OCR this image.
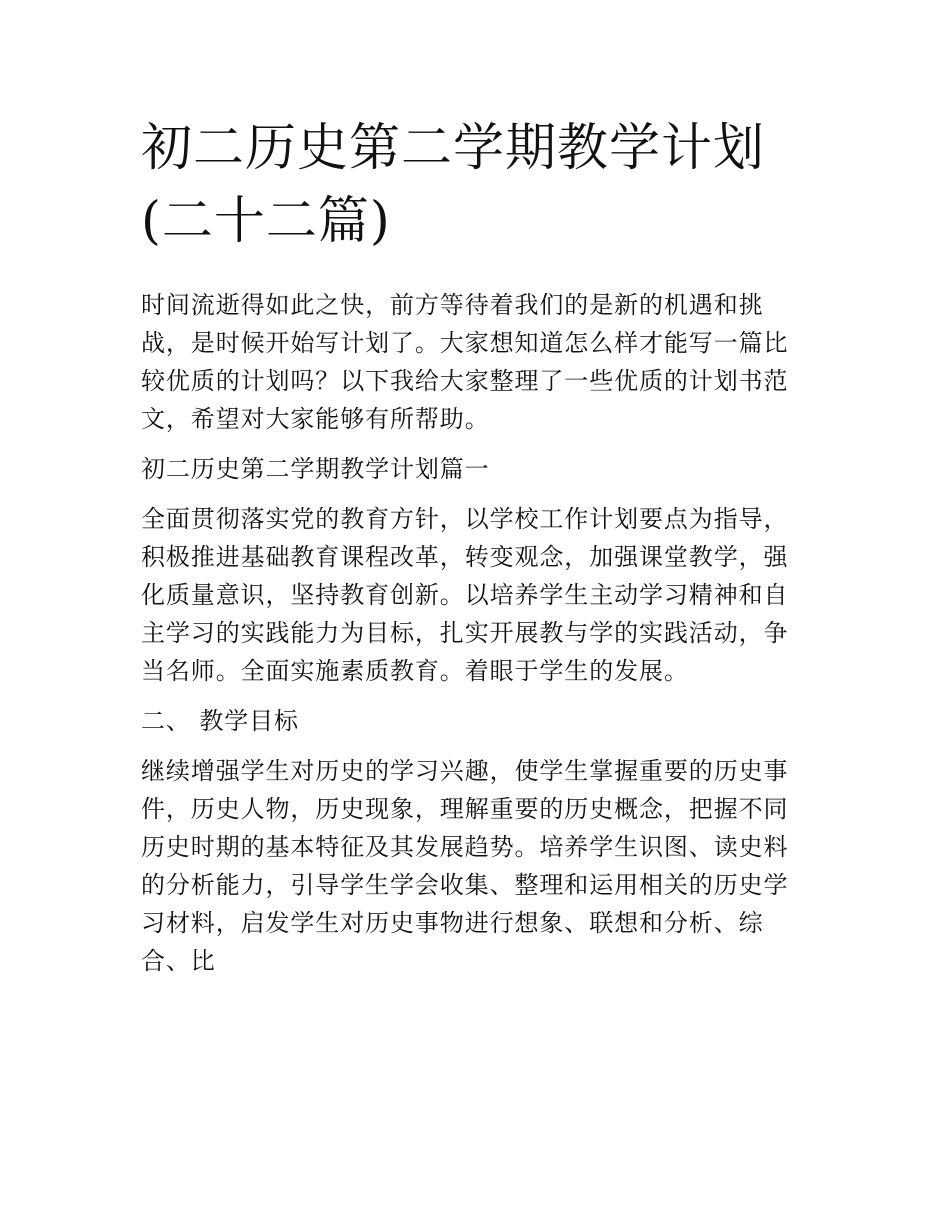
初二历史第二学期教学计划(二十二篇)

时间流逝得如此之快，前方等待着我们的是新的机遇和挑战，是时候开始写计划了。大家想知道怎么样才能写一篇比较优质的计划吗？以下我给大家整理了一些优质的计划书范文，希望对大家能够有所帮助。

初二历史第二学期教学计划篇一

全面贯彻落实党的教育方针，以学校工作计划要点为指导，积极推进基础教育课程改革，转变观念，加强课堂教学，强化质量意识，坚持教育创新。以培养学生主动学习精神和自主学习的实践能力为目标，扎实开展教与学的实践活动，争当名师。全面实施素质教育。着眼于学生的发展。

二、 教学目标

继续增强学生对历史的学习兴趣，使学生掌握重要的历史事件，历史人物，历史现象，理解重要的历史概念，把握不同历史时期的基本特征及其发展趋势。培养学生识图、读史料的分析能力，引导学生学会收集、整理和运用相关的历史学习材料，启发学生对历史事物进行想象、联想和分析、综合、比
